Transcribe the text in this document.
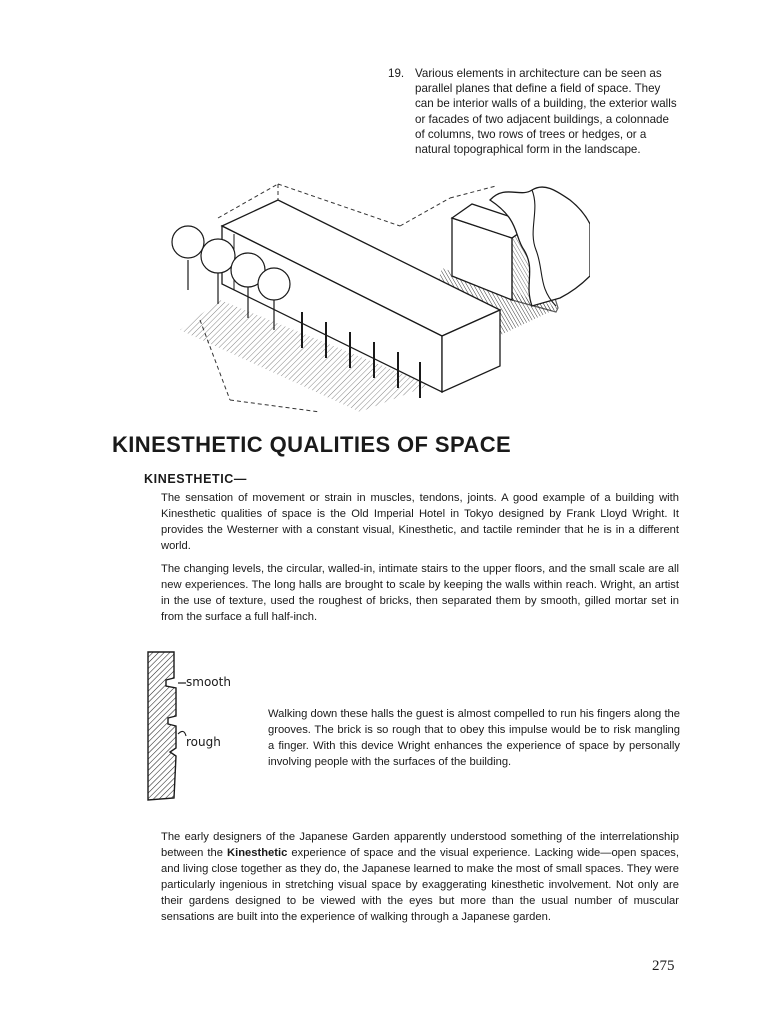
19. Various elements in architecture can be seen as parallel planes that define a field of space. They can be interior walls of a building, the exterior walls or facades of two adjacent buildings, a colonnade of columns, two rows of trees or hedges, or a natural topographical form in the landscape.
KINESTHETIC QUALITIES OF SPACE
KINESTHETIC—

The sensation of movement or strain in muscles, tendons, joints. A good example of a building with Kinesthetic qualities of space is the Old Imperial Hotel in Tokyo designed by Frank Lloyd Wright. It provides the Westerner with a constant visual, Kinesthetic, and tactile reminder that he is in a different world.

The changing levels, the circular, walled-in, intimate stairs to the upper floors, and the small scale are all new experiences. The long halls are brought to scale by keeping the walls within reach. Wright, an artist in the use of texture, used the roughest of bricks, then separated them by smooth, gilled mortar set in from the surface a full half-inch.

smooth
rough

Walking down these halls the guest is almost compelled to run his fingers along the grooves. The brick is so rough that to obey this impulse would be to risk mangling a finger. With this device Wright enhances the experience of space by personally involving people with the surfaces of the building.

The early designers of the Japanese Garden apparently understood something of the interrelationship between the Kinesthetic experience of space and the visual experience. Lacking wide—open spaces, and living close together as they do, the Japanese learned to make the most of small spaces. They were particularly ingenious in stretching visual space by exaggerating kinesthetic involvement. Not only are their gardens designed to be viewed with the eyes but more than the usual number of muscular sensations are built into the experience of walking through a Japanese garden.

275
